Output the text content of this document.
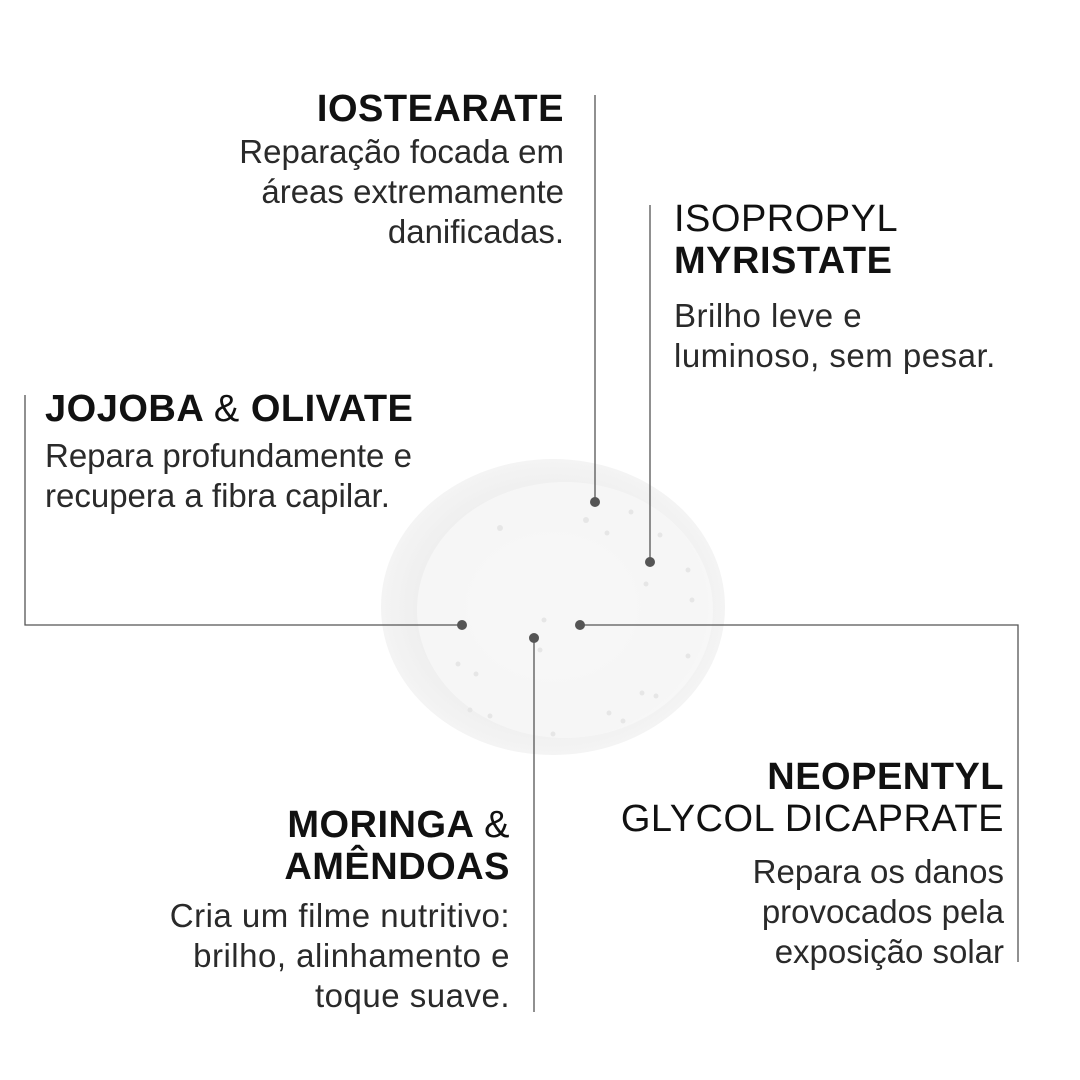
IOSTEARATE

Reparação focada em
áreas extremamente
danificadas.	ISOPROPYL
MYRISTATE

Brilho leve e
luminoso, sem pesar.

JOJOBA & OLIVATE

Repara profundamente e
recupera a fibra capilar.

MORINGA &
AMÊNDOAS

Cria um filme nutritivo:
brilho, alinhamento e
toque suave.

NEOPENTYL
GLYCOL DICAPRATE

Repara os danos
provocados pela
exposição solar
